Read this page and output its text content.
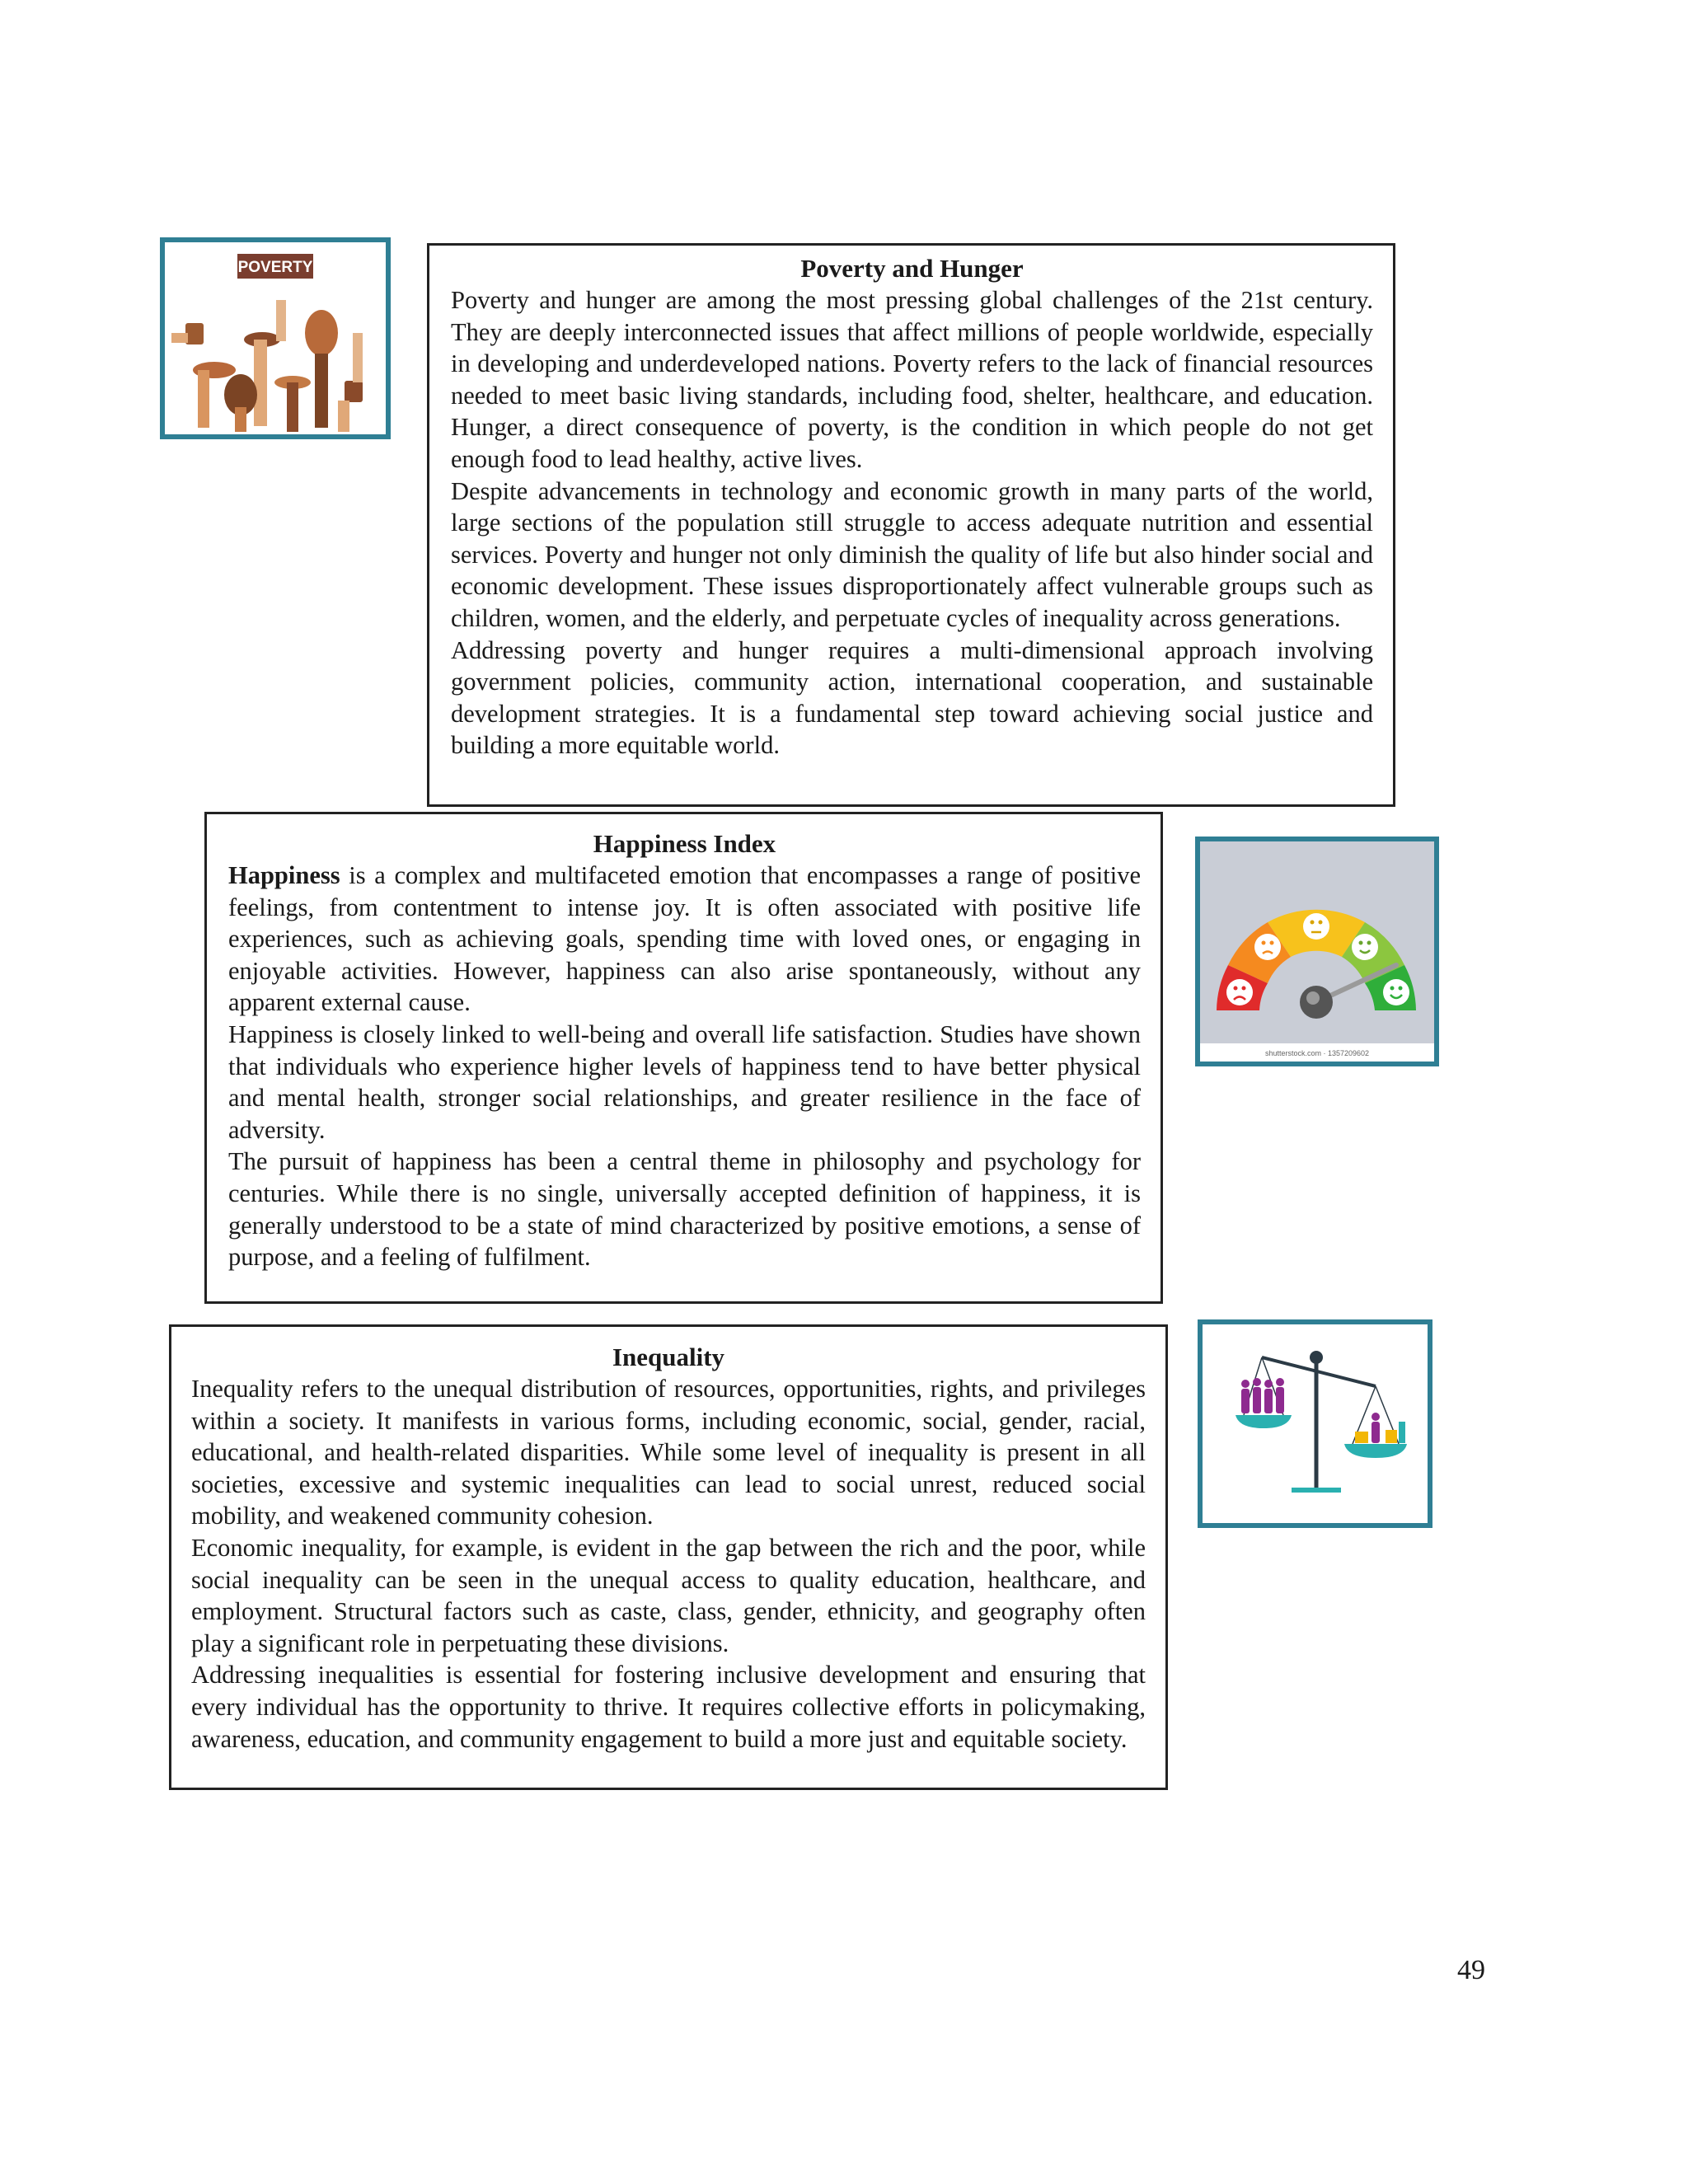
POVERTY	Poverty and Hunger

Poverty and hunger are among the most pressing global challenges of the 21st century. They are deeply interconnected issues that affect millions of people worldwide, especially in developing and underdeveloped nations. Poverty refers to the lack of financial resources needed to meet basic living standards, including food, shelter, healthcare, and education. Hunger, a direct consequence of poverty, is the condition in which people do not get enough food to lead healthy, active lives.

Despite advancements in technology and economic growth in many parts of the world, large sections of the population still struggle to access adequate nutrition and essential services. Poverty and hunger not only diminish the quality of life but also hinder social and economic development. These issues disproportionately affect vulnerable groups such as children, women, and the elderly, and perpetuate cycles of inequality across generations.

Addressing poverty and hunger requires a multi-dimensional approach involving government policies, community action, international cooperation, and sustainable development strategies. It is a fundamental step toward achieving social justice and building a more equitable world.

Happiness Index

Happiness is a complex and multifaceted emotion that encompasses a range of positive feelings, from contentment to intense joy. It is often associated with positive life experiences, such as achieving goals, spending time with loved ones, or engaging in enjoyable activities. However, happiness can also arise spontaneously, without any apparent external cause.

Happiness is closely linked to well-being and overall life satisfaction. Studies have shown that individuals who experience higher levels of happiness tend to have better physical and mental health, stronger social relationships, and greater resilience in the face of adversity.

The pursuit of happiness has been a central theme in philosophy and psychology for centuries. While there is no single, universally accepted definition of happiness, it is generally understood to be a state of mind characterized by positive emotions, a sense of purpose, and a feeling of fulfilment.

shutterstock.com · 1357209602
Inequality

Inequality refers to the unequal distribution of resources, opportunities, rights, and privileges within a society. It manifests in various forms, including economic, social, gender, racial, educational, and health-related disparities. While some level of inequality is present in all societies, excessive and systemic inequalities can lead to social unrest, reduced social mobility, and weakened community cohesion.

Economic inequality, for example, is evident in the gap between the rich and the poor, while social inequality can be seen in the unequal access to quality education, healthcare, and employment. Structural factors such as caste, class, gender, ethnicity, and geography often play a significant role in perpetuating these divisions.

Addressing inequalities is essential for fostering inclusive development and ensuring that every individual has the opportunity to thrive. It requires collective efforts in policymaking, awareness, education, and community engagement to build a more just and equitable society.

49
